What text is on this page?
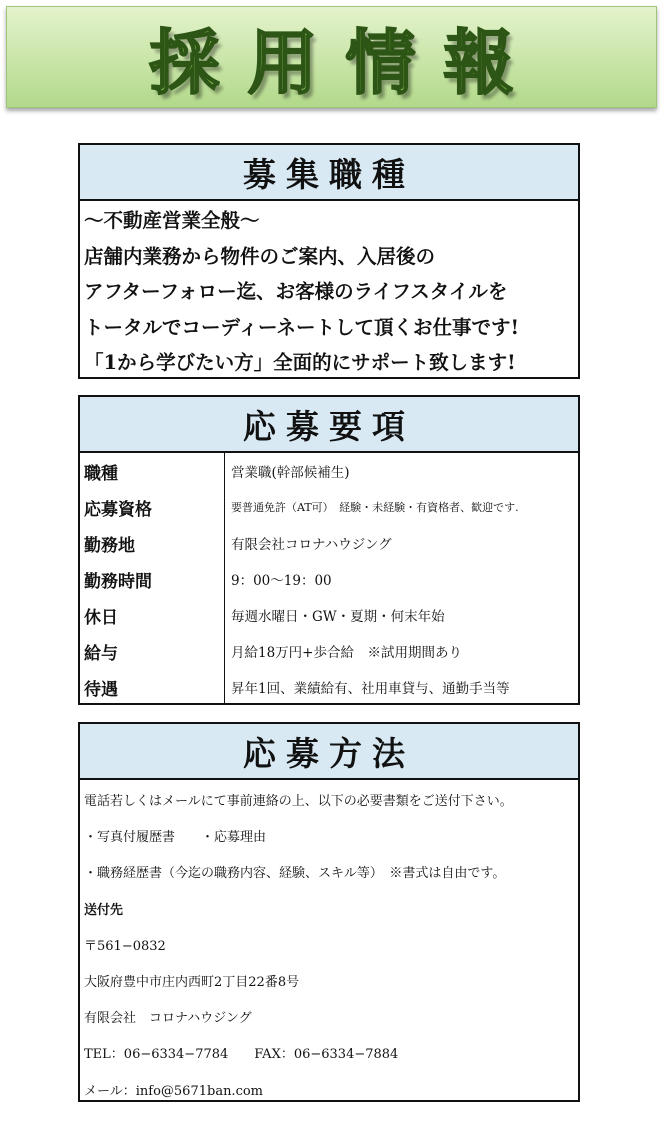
採用情報
募集職種
〜不動産営業全般〜
店舗内業務から物件のご案内、入居後の
アフターフォロー迄、お客様のライフスタイルを
トータルでコーディーネートして頂くお仕事です!
「1から学びたい方」全面的にサポート致します!
応募要項
職種	営業職(幹部候補生)
応募資格	要普通免許（AT可）　経験・未経験・有資格者、歓迎です.
勤務地	有限会社コロナハウジング
勤務時間	9：00〜19：00
休日	毎週水曜日・GW・夏期・何末年始
給与	月給18万円+歩合給　※試用期間あり
待遇	昇年1回、業績給有、社用車貸与、通勤手当等
応募方法
電話若しくはメールにて事前連絡の上、以下の必要書類をご送付下さい。
・写真付履歴書　　・応募理由
・職務経歴書（今迄の職務内容、経験、スキル等）　※書式は自由です。
送付先
〒561−0832
大阪府豊中市庄内西町2丁目22番8号
有限会社　コロナハウジング
TEL：06−6334−7784　　FAX：06−6334−7884
メール：info@5671ban.com
